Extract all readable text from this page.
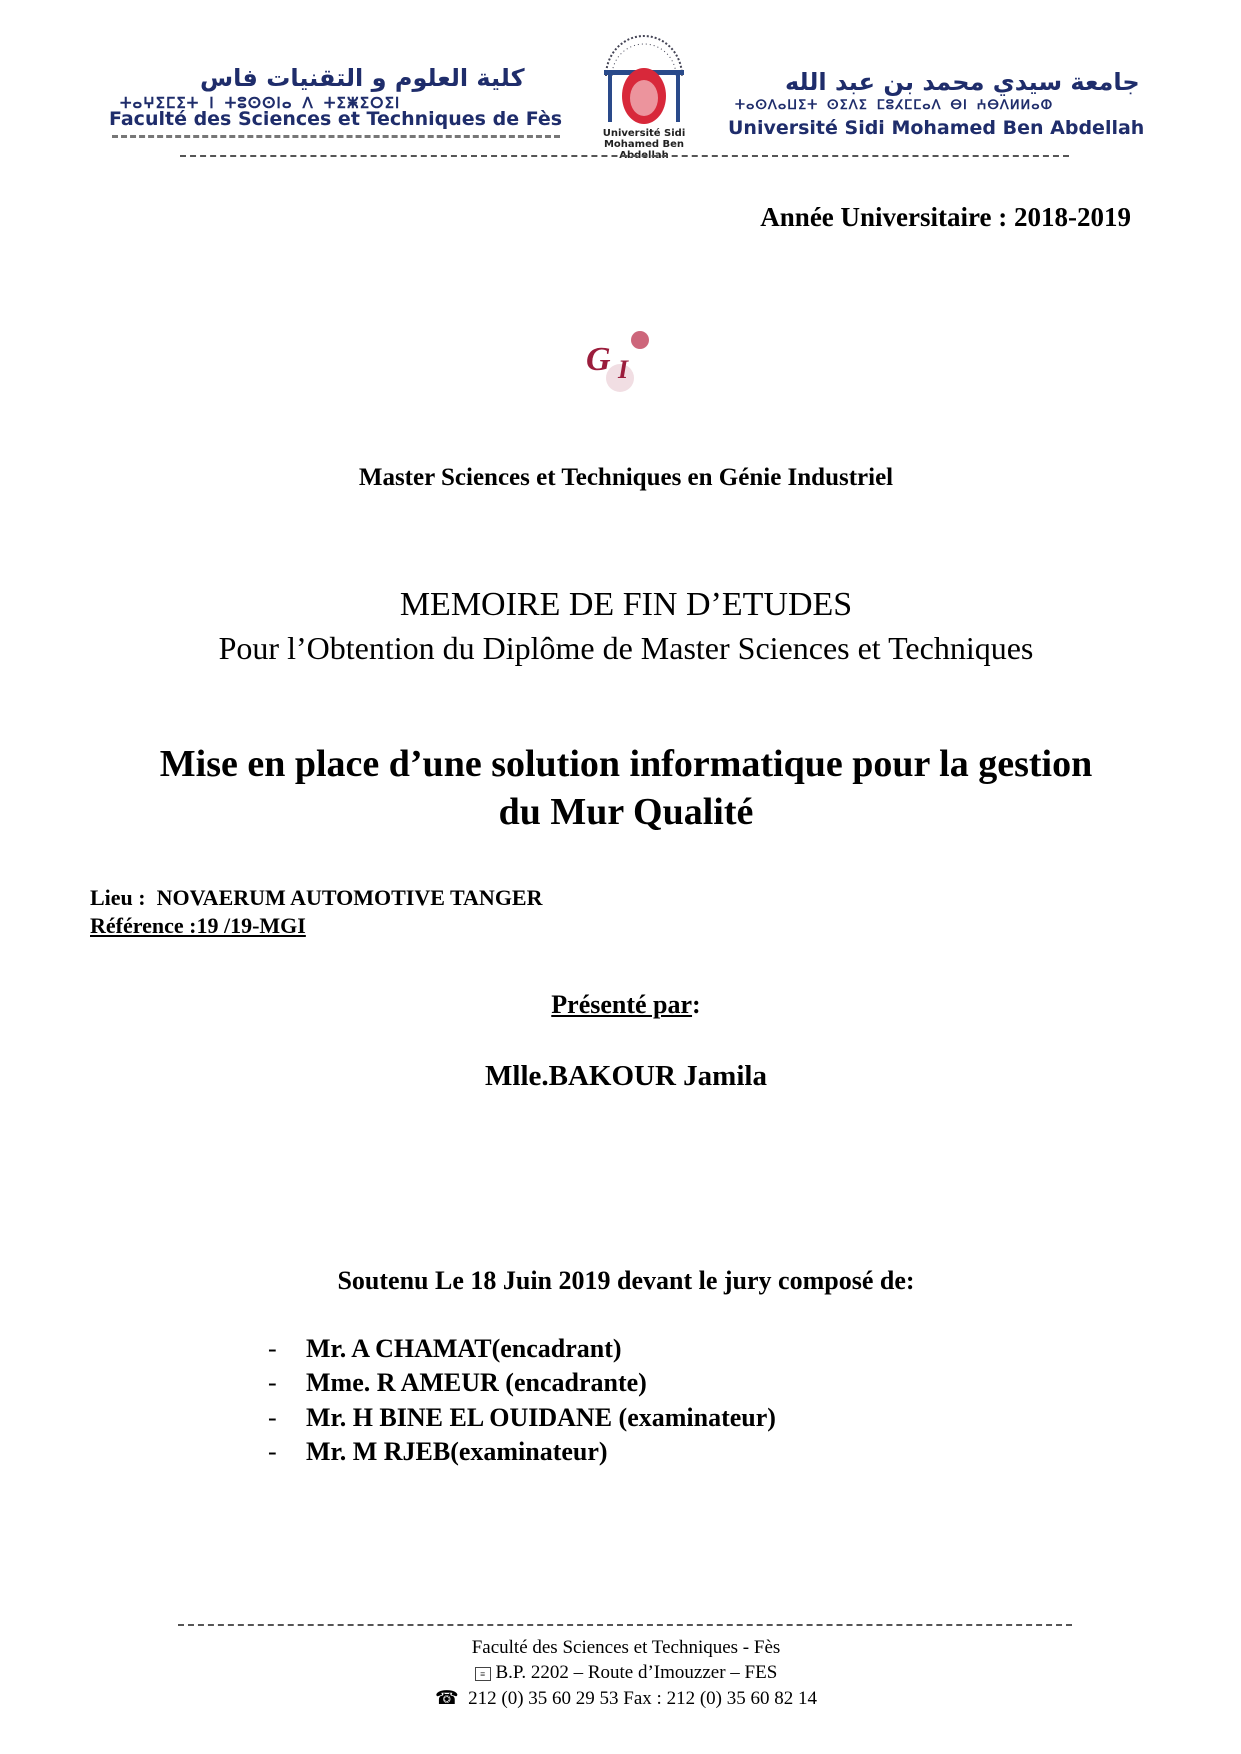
كلية العلوم و التقنيات فاس
ⵜⴰⵖⵉⵎⵉⵜ ⵏ ⵜⵓⵙⵙⵏⴰ ⴷ ⵜⵉⵥⵉⵔⵉⵏ
Faculté des Sciences et Techniques de Fès
Université Sidi Mohamed Ben Abdellah
جامعة سيدي محمد بن عبد الله
ⵜⴰⵙⴷⴰⵡⵉⵜ ⵙⵉⴷⵉ ⵎⵓⵃⵎⵎⴰⴷ ⴱⵏ ⵄⴱⴷⵍⵍⴰⵀ
Université Sidi Mohamed Ben Abdellah
Année Universitaire : 2018-2019
G I
Master Sciences et Techniques en Génie Industriel
MEMOIRE DE FIN D’ETUDES
Pour l’Obtention du Diplôme de Master Sciences et Techniques
Mise en place d’une solution informatique pour la gestion
du Mur Qualité
Lieu : NOVAERUM AUTOMOTIVE TANGER
Référence :19 /19-MGI
Présenté par:
Mlle.BAKOUR Jamila
Soutenu Le 18 Juin 2019 devant le jury composé de:
- Mr. A CHAMAT(encadrant)
- Mme. R AMEUR (encadrante)
- Mr. H BINE EL OUIDANE (examinateur)
- Mr. M RJEB(examinateur)
Faculté des Sciences et Techniques - Fès
≡ B.P. 2202 – Route d’Imouzzer – FES
☎ 212 (0) 35 60 29 53 Fax : 212 (0) 35 60 82 14
